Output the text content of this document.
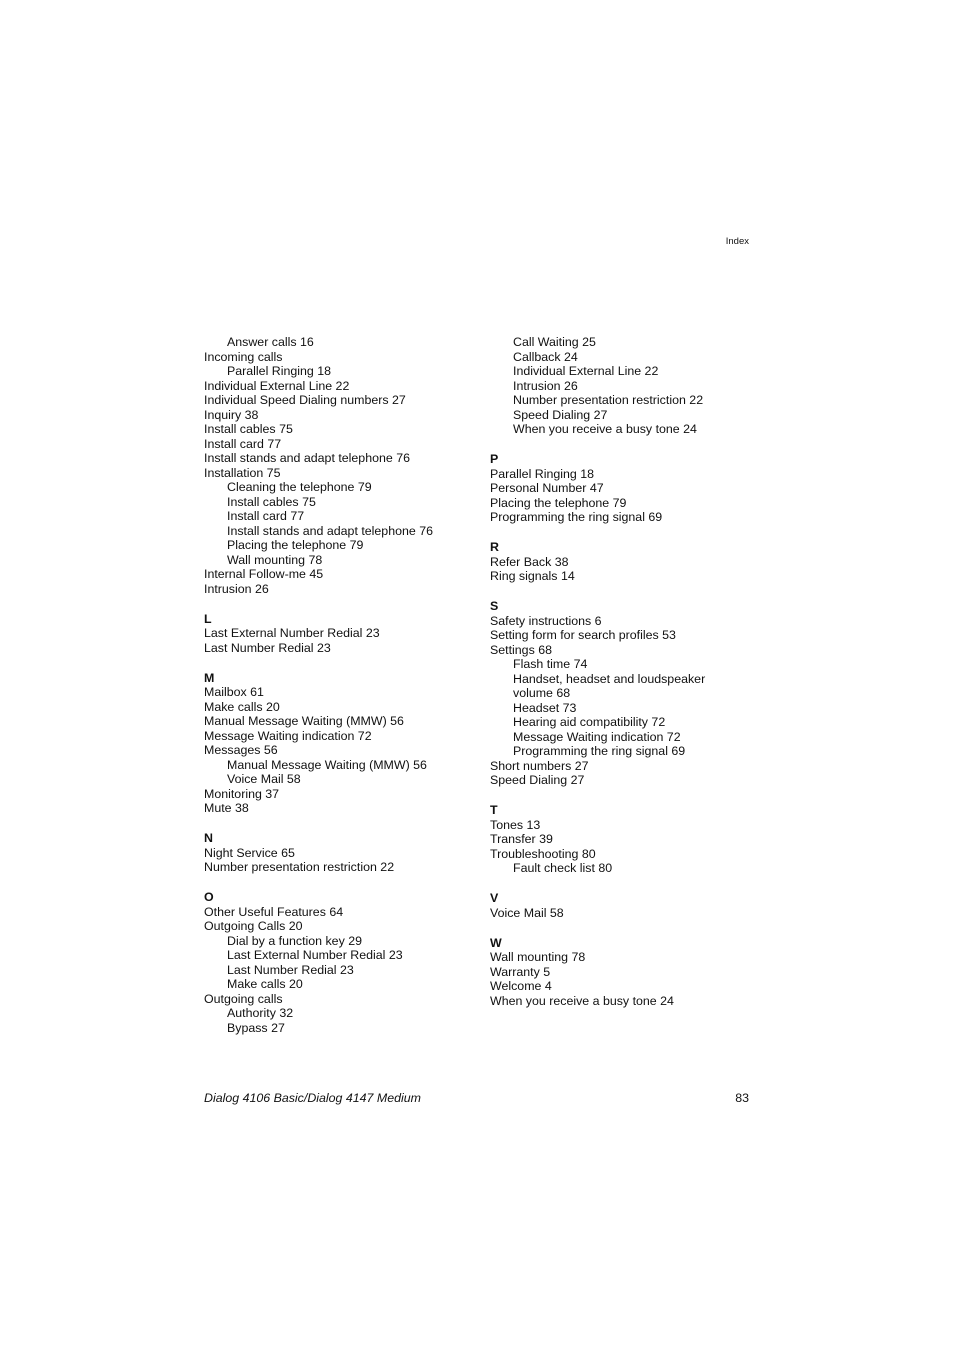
Index
Answer calls 16
Incoming calls
Parallel Ringing 18
Individual External Line 22
Individual Speed Dialing numbers 27
Inquiry 38
Install cables 75
Install card 77
Install stands and adapt telephone 76
Installation 75
Cleaning the telephone 79
Install cables 75
Install card 77
Install stands and adapt telephone 76
Placing the telephone 79
Wall mounting 78
Internal Follow-me 45
Intrusion 26
L
Last External Number Redial 23
Last Number Redial 23
M
Mailbox 61
Make calls 20
Manual Message Waiting (MMW) 56
Message Waiting indication 72
Messages 56
Manual Message Waiting (MMW) 56
Voice Mail 58
Monitoring 37
Mute 38
N
Night Service 65
Number presentation restriction 22
O
Other Useful Features 64
Outgoing Calls 20
Dial by a function key 29
Last External Number Redial 23
Last Number Redial 23
Make calls 20
Outgoing calls
Authority 32
Bypass 27
Call Waiting 25
Callback 24
Individual External Line 22
Intrusion 26
Number presentation restriction 22
Speed Dialing 27
When you receive a busy tone 24
P
Parallel Ringing 18
Personal Number 47
Placing the telephone 79
Programming the ring signal 69
R
Refer Back 38
Ring signals 14
S
Safety instructions 6
Setting form for search profiles 53
Settings 68
Flash time 74
Handset, headset and loudspeaker
volume 68
Headset 73
Hearing aid compatibility 72
Message Waiting indication 72
Programming the ring signal 69
Short numbers 27
Speed Dialing 27
T
Tones 13
Transfer 39
Troubleshooting 80
Fault check list 80
V
Voice Mail 58
W
Wall mounting 78
Warranty 5
Welcome 4
When you receive a busy tone 24
Dialog 4106 Basic/Dialog 4147 Medium	83
